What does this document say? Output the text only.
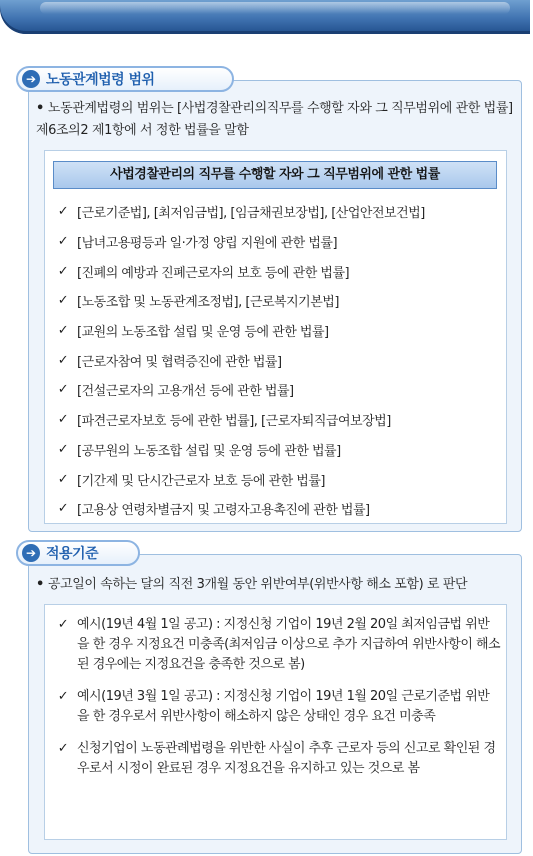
➔ 노동관계법령 범위
• 노동관계법령의 범위는 [사법경찰관리의직무를 수행할 자와 그 직무범위에 관한 법률] 제6조의2 제1항에 서 정한 법률을 말함
사법경찰관리의 직무를 수행할 자와 그 직무범위에 관한 법률
✓ [근로기준법], [최저임금법], [임금채권보장법], [산업안전보건법]
✓ [남녀고용평등과 일·가정 양립 지원에 관한 법률]
✓ [진폐의 예방과 진폐근로자의 보호 등에 관한 법률]
✓ [노동조합 및 노동관계조정법], [근로복지기본법]
✓ [교원의 노동조합 설립 및 운영 등에 관한 법률]
✓ [근로자참여 및 협력증진에 관한 법률]
✓ [건설근로자의 고용개선 등에 관한 법률]
✓ [파견근로자보호 등에 관한 법률], [근로자퇴직급여보장법]
✓ [공무원의 노동조합 설립 및 운영 등에 관한 법률]
✓ [기간제 및 단시간근로자 보호 등에 관한 법률]
✓ [고용상 연령차별금지 및 고령자고용촉진에 관한 법률]
➔ 적용기준
• 공고일이 속하는 달의 직전 3개월 동안 위반여부(위반사항 해소 포함) 로 판단
✓ 예시(19년 4월 1일 공고) : 지정신청 기업이 19년 2월 20일 최저임금법 위반을 한 경우 지정요건 미충족(최저임금 이상으로 추가 지급하여 위반사항이 해소된 경우에는 지정요건을 충족한 것으로 봄)
✓ 예시(19년 3월 1일 공고) : 지정신청 기업이 19년 1월 20일 근로기준법 위반을 한 경우로서 위반사항이 해소하지 않은 상태인 경우 요건 미충족
✓ 신청기업이 노동관례법령을 위반한 사실이 추후 근로자 등의 신고로 확인된 경우로서 시정이 완료된 경우 지정요건을 유지하고 있는 것으로 봄
